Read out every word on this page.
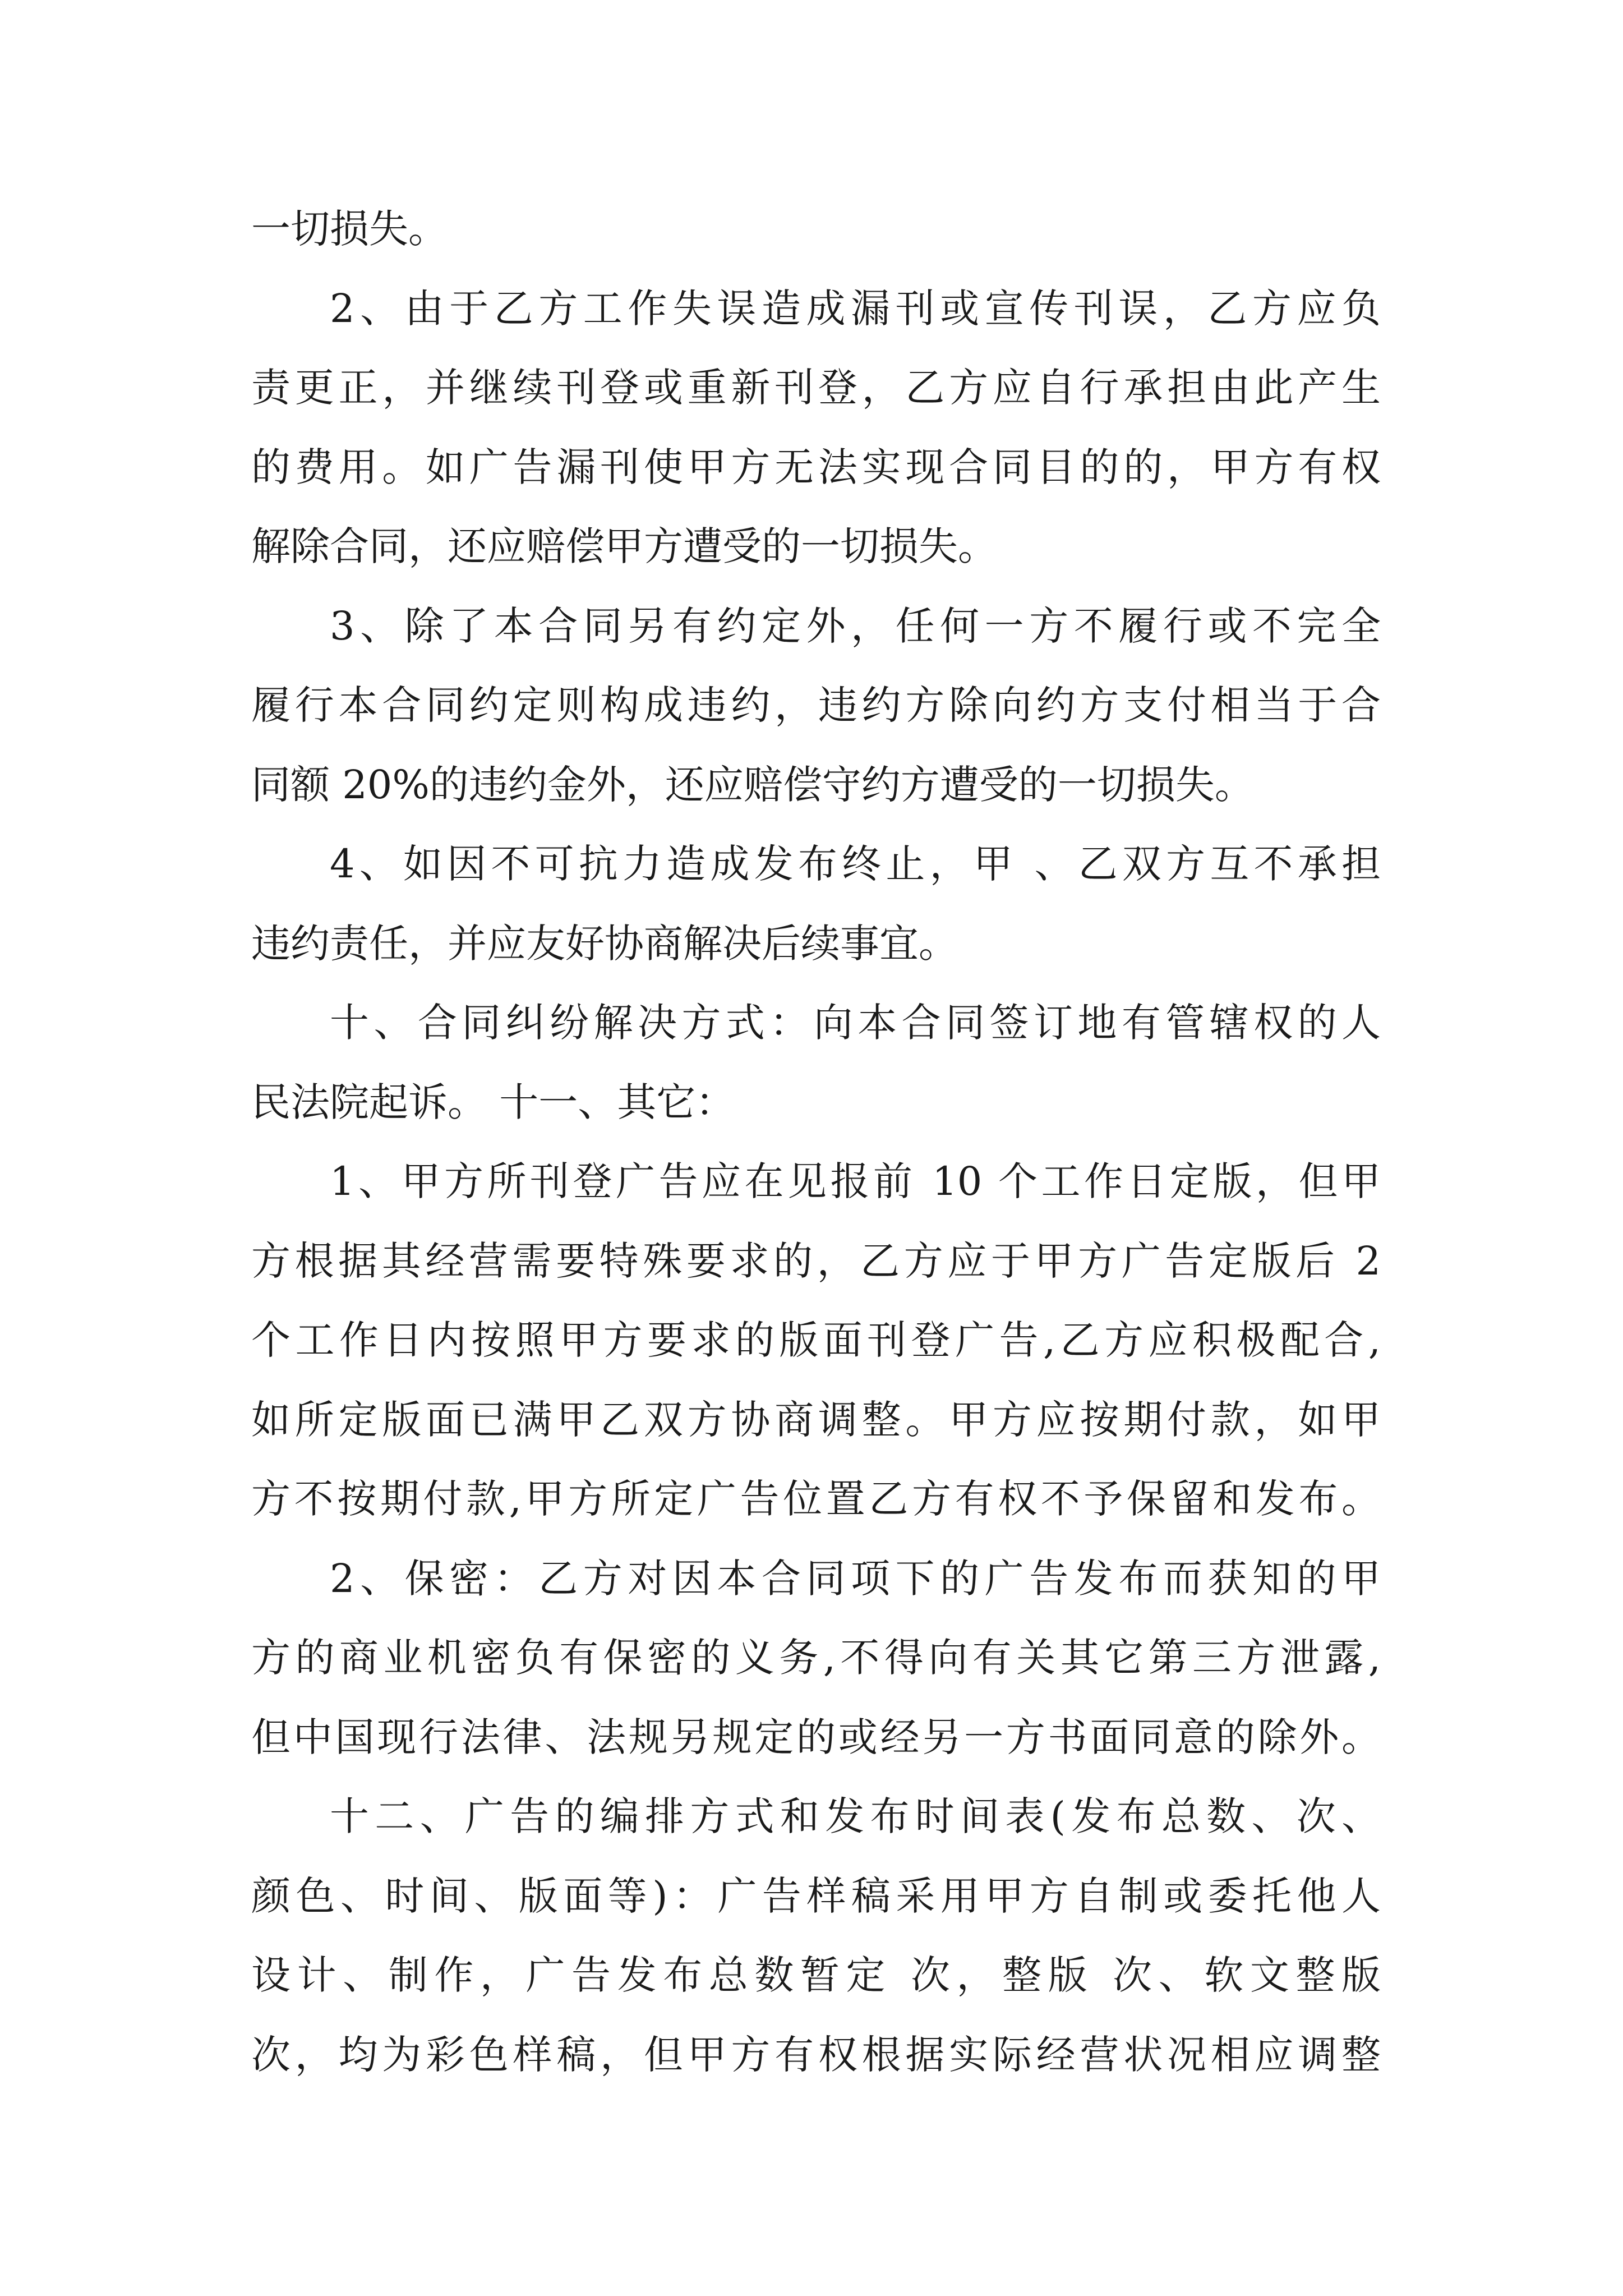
一切损失。
2、由于乙方工作失误造成漏刊或宣传刊误，乙方应负
责更正，并继续刊登或重新刊登，乙方应自行承担由此产生
的费用。如广告漏刊使甲方无法实现合同目的的，甲方有权
解除合同，还应赔偿甲方遭受的一切损失。
3、除了本合同另有约定外，任何一方不履行或不完全
履行本合同约定则构成违约，违约方除向约方支付相当于合
同额 20%的违约金外，还应赔偿守约方遭受的一切损失。
4、如因不可抗力造成发布终止，甲 、乙双方互不承担
违约责任，并应友好协商解决后续事宜。
十、合同纠纷解决方式：向本合同签订地有管辖权的人
民法院起诉。 十一、其它：
1、甲方所刊登广告应在见报前 10 个工作日定版，但甲
方根据其经营需要特殊要求的，乙方应于甲方广告定版后 2
个工作日内按照甲方要求的版面刊登广告,乙方应积极配合,
如所定版面已满甲乙双方协商调整。甲方应按期付款，如甲
方不按期付款,甲方所定广告位置乙方有权不予保留和发布。
2、保密：乙方对因本合同项下的广告发布而获知的甲
方的商业机密负有保密的义务,不得向有关其它第三方泄露,
但中国现行法律、法规另规定的或经另一方书面同意的除外。
十二、广告的编排方式和发布时间表(发布总数、次、
颜色、时间、版面等)：广告样稿采用甲方自制或委托他人
设计、制作，广告发布总数暂定 次，整版 次、软文整版
次，均为彩色样稿，但甲方有权根据实际经营状况相应调整
